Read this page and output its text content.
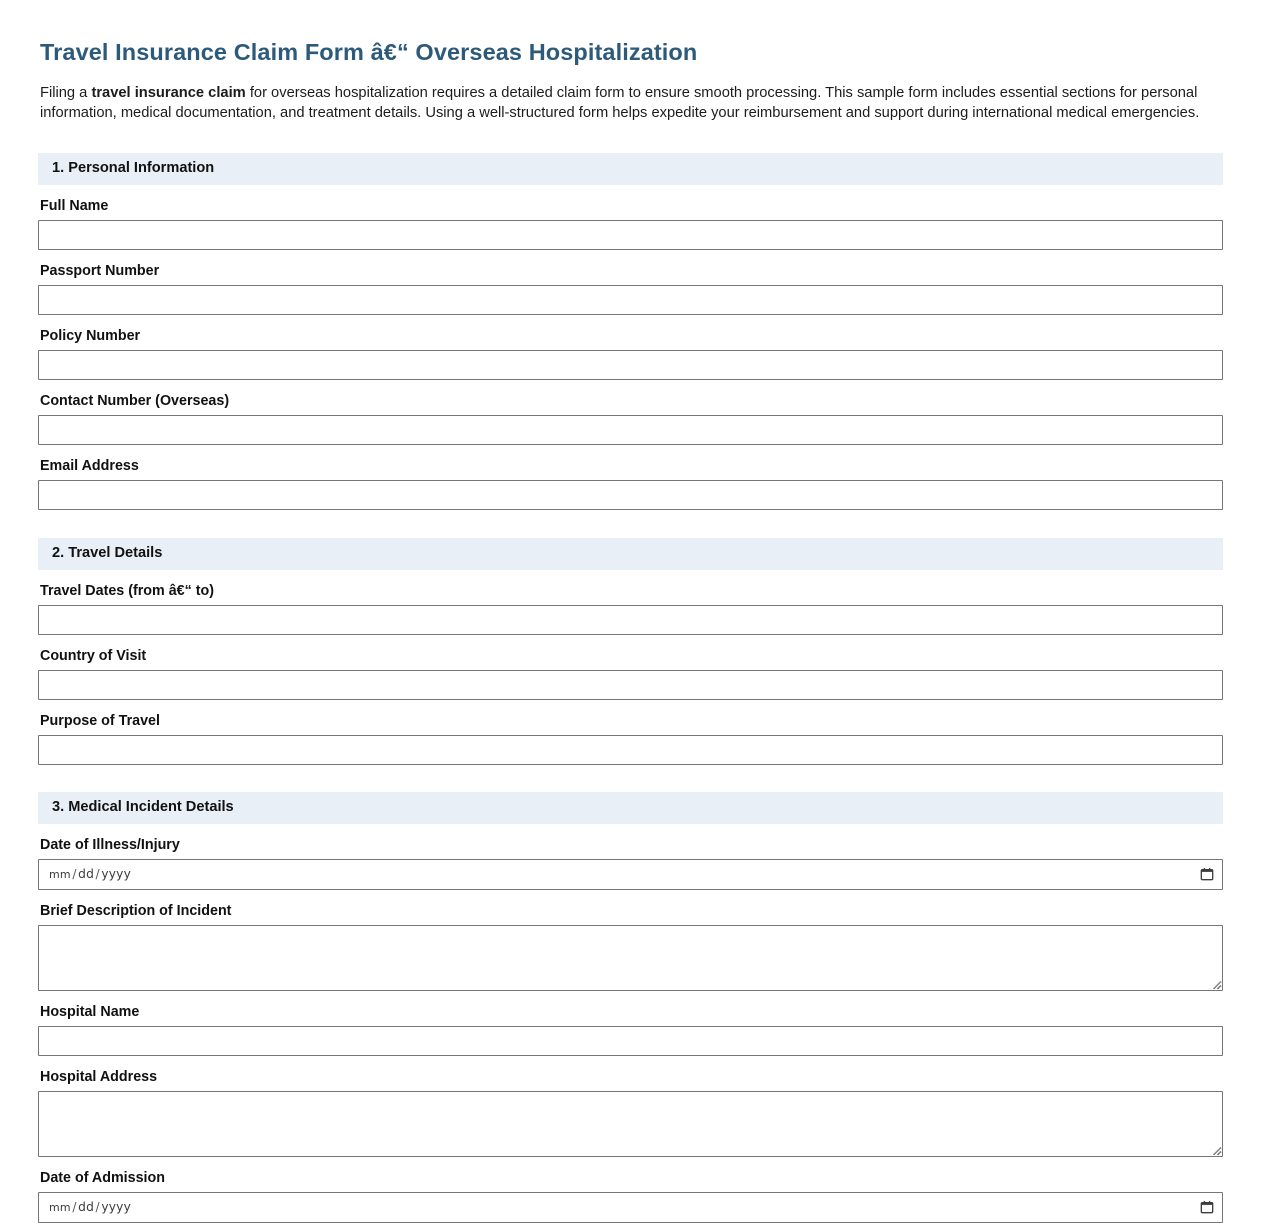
Travel Insurance Claim Form â€“ Overseas Hospitalization

Filing a travel insurance claim for overseas hospitalization requires a detailed claim form to ensure smooth processing. This sample form includes essential sections for personal information, medical documentation, and treatment details. Using a well-structured form helps expedite your reimbursement and support during international medical emergencies.

1. Personal Information
Full Name
Passport Number
Policy Number
Contact Number (Overseas)
Email Address
2. Travel Details
Travel Dates (from â€“ to)
Country of Visit
Purpose of Travel
3. Medical Incident Details
Date of Illness/Injury
mm / dd / yyyy
Brief Description of Incident
Hospital Name
Hospital Address
Date of Admission
mm / dd / yyyy
